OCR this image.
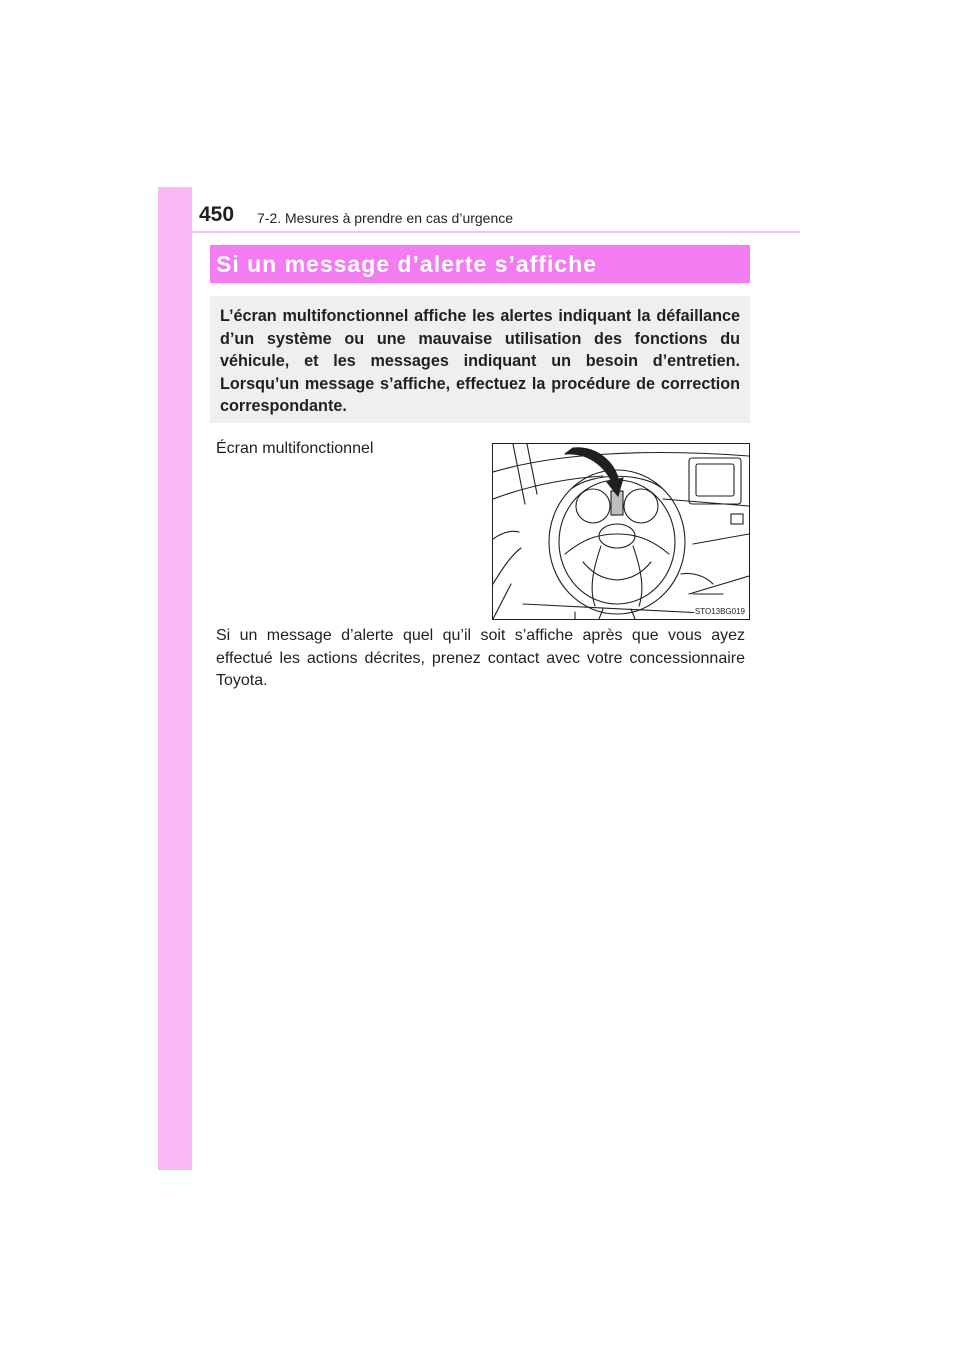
450 7-2. Mesures à prendre en cas d’urgence
Si un message d’alerte s’affiche

L’écran multifonctionnel affiche les alertes indiquant la défaillance d’un système ou une mauvaise utilisation des fonctions du véhicule, et les messages indiquant un besoin d’entretien. Lorsqu’un message s’affiche, effectuez la procédure de correction correspondante.

Écran multifonctionnel
STO13BG019

Si un message d’alerte quel qu’il soit s’affiche après que vous ayez effectué les actions décrites, prenez contact avec votre concessionnaire Toyota.
